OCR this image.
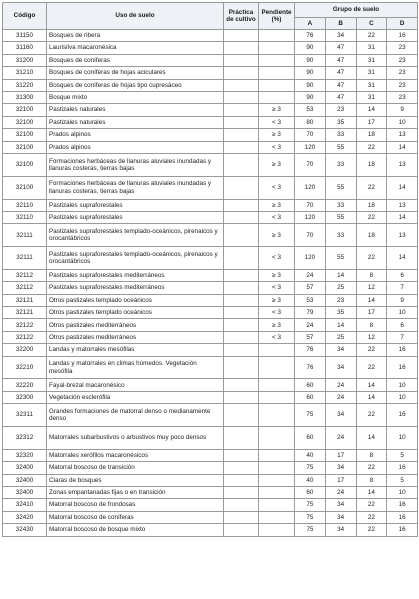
Código	Uso de suelo	Práctica de cultivo	Pendiente (%)	Grupo de suelo			
				A	B	C	D
31150	Bosques de ribera			76	34	22	16
31160	Laurisilva macaronésica			90	47	31	23
31200	Bosques de coníferas			90	47	31	23
31210	Bosques de coníferas de hojas aciculares			90	47	31	23
31220	Bosques de coníferas de hojas tipo cupresáceo			90	47	31	23
31300	Bosque mixto			90	47	31	23
32100	Pastizales naturales		≥ 3	53	23	14	9
32100	Pastizales naturales		< 3	80	35	17	10
32100	Prados alpinos		≥ 3	70	33	18	13
32100	Prados alpinos		< 3	120	55	22	14
32100	Formaciones herbáceas de llanuras aluviales inundadas y llanuras costeras, tierras bajas		≥ 3	70	33	18	13
32100	Formaciones herbáceas de llanuras aluviales inundadas y llanuras costeras, tierras bajas		< 3	120	55	22	14
32110	Pastizales supraforestales		≥ 3	70	33	18	13
32110	Pastizales supraforestales		< 3	120	55	22	14
32111	Pastizales supraforestales templado-oceánicos, pirenaicos y orocantábricos		≥ 3	70	33	18	13
32111	Pastizales supraforestales templado-oceánicos, pirenaicos y orocantábricos		< 3	120	55	22	14
32112	Pastizales supraforestales mediterráneos		≥ 3	24	14	8	6
32112	Pastizales supraforestales mediterráneos		< 3	57	25	12	7
32121	Otros pastizales templado oceánicos		≥ 3	53	23	14	9
32121	Otros pastizales templado oceánicos		< 3	79	35	17	10
32122	Otros pastizales mediterráneos		≥ 3	24	14	8	6
32122	Otros pastizales mediterráneos		< 3	57	25	12	7
32200	Landas y matorrales mesófilas			76	34	22	16
32210	Landas y matorrales en climas húmedos. Vegetación mesófila			76	34	22	16
32220	Fayal-brezal macaronésico			60	24	14	10
32300	Vegetación esclerófila			60	24	14	10
32311	Grandes formaciones de matorral denso o medianamente denso			75	34	22	16
32312	Matorrales subarbustivos o arbustivos muy poco densos			60	24	14	10
32320	Matorrales xerófilos macaronésicos			40	17	8	5
32400	Matorral boscoso de transición			75	34	22	16
32400	Claras de bosques			40	17	8	5
32400	Zonas empantanadas fijas o en transición			60	24	14	10
32410	Matorral boscoso de frondosas			75	34	22	16
32420	Matorral boscoso de coníferas			75	34	22	16
32430	Matorral boscoso de bosque mixto			75	34	22	16
